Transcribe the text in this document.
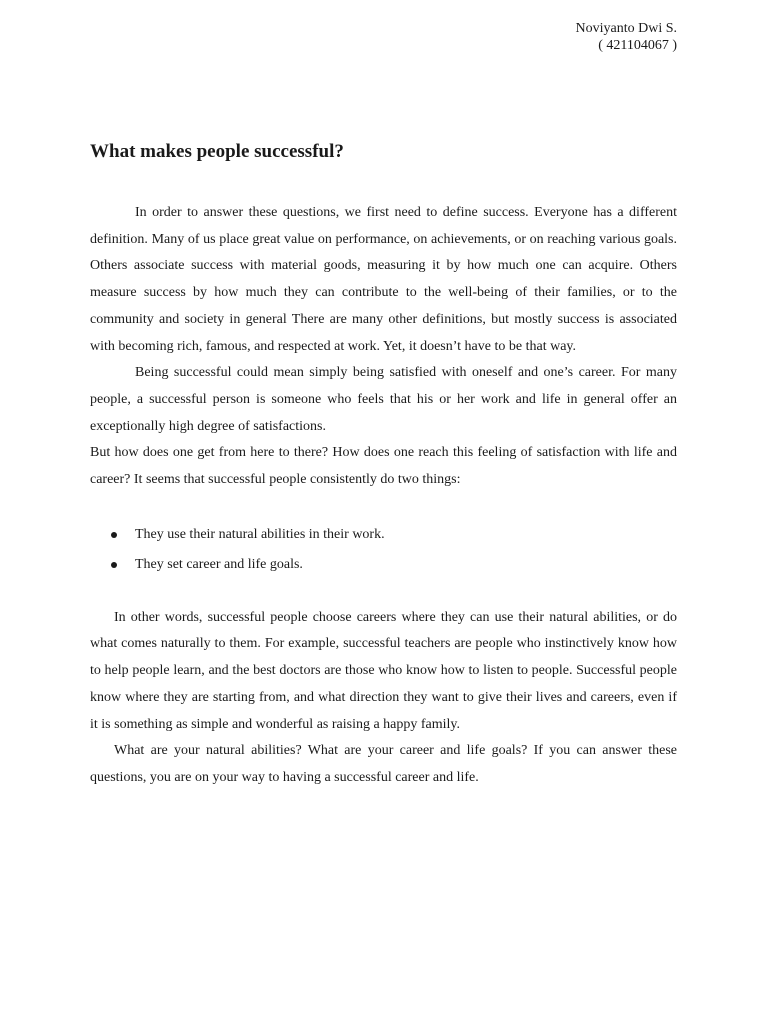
Noviyanto Dwi S.
( 421104067 )
What makes people successful?

In order to answer these questions, we first need to define success. Everyone has a different definition. Many of us place great value on performance, on achievements, or on reaching various goals. Others associate success with material goods, measuring it by how much one can acquire. Others measure success by how much they can contribute to the well-being of their families, or to the community and society in general There are many other definitions, but mostly success is associated with becoming rich, famous, and respected at work. Yet, it doesn’t have to be that way.

Being successful could mean simply being satisfied with oneself and one’s career. For many people, a successful person is someone who feels that his or her work and life in general offer an exceptionally high degree of satisfactions.

But how does one get from here to there? How does one reach this feeling of satisfaction with life and career? It seems that successful people consistently do two things:

They use their natural abilities in their work.
They set career and life goals.

In other words, successful people choose careers where they can use their natural abilities, or do what comes naturally to them. For example, successful teachers are people who instinctively know how to help people learn, and the best doctors are those who know how to listen to people. Successful people know where they are starting from, and what direction they want to give their lives and careers, even if it is something as simple and wonderful as raising a happy family.

What are your natural abilities? What are your career and life goals? If you can answer these questions, you are on your way to having a successful career and life.
